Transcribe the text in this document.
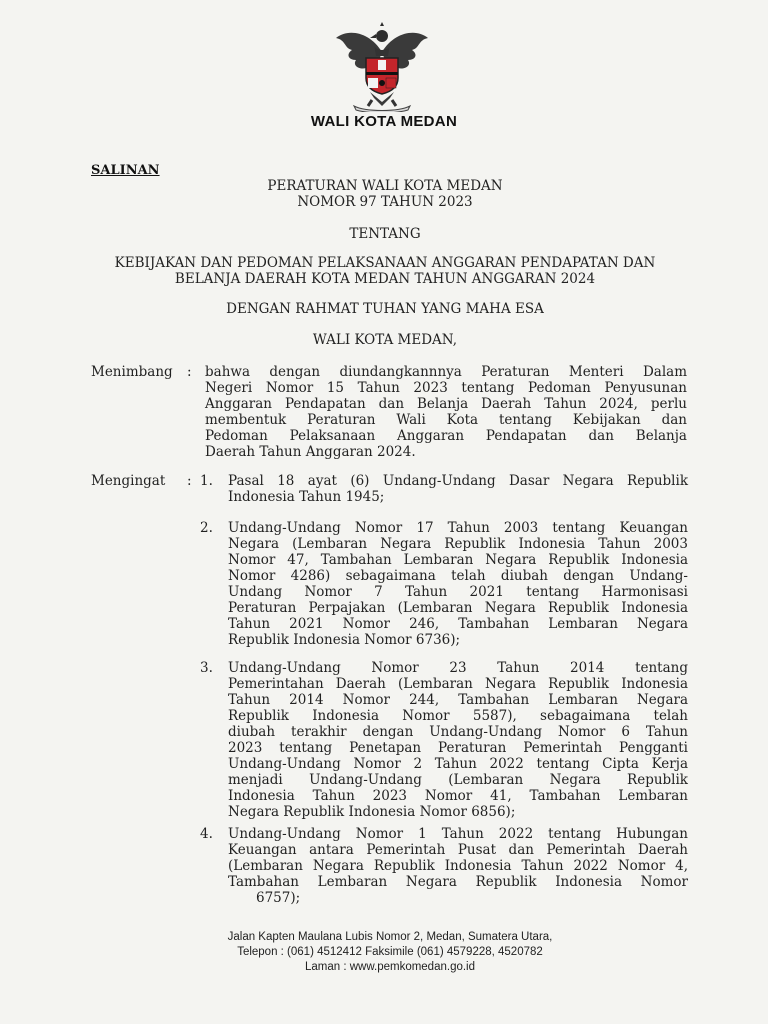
WALI KOTA MEDAN
SALINAN
PERATURAN WALI KOTA MEDAN
NOMOR 97 TAHUN 2023
TENTANG
KEBIJAKAN DAN PEDOMAN PELAKSANAAN ANGGARAN PENDAPATAN DAN
BELANJA DAERAH KOTA MEDAN TAHUN ANGGARAN 2024
DENGAN RAHMAT TUHAN YANG MAHA ESA
WALI KOTA MEDAN,
Menimbang : bahwa dengan diundangkannnya Peraturan Menteri Dalam
Negeri Nomor 15 Tahun 2023 tentang Pedoman Penyusunan
Anggaran Pendapatan dan Belanja Daerah Tahun 2024, perlu
membentuk Peraturan Wali Kota tentang Kebijakan dan
Pedoman Pelaksanaan Anggaran Pendapatan dan Belanja
Daerah Tahun Anggaran 2024.
Mengingat : 1. Pasal 18 ayat (6) Undang-Undang Dasar Negara Republik
Indonesia Tahun 1945;
2. Undang-Undang Nomor 17 Tahun 2003 tentang Keuangan
Negara (Lembaran Negara Republik Indonesia Tahun 2003
Nomor 47, Tambahan Lembaran Negara Republik Indonesia
Nomor 4286) sebagaimana telah diubah dengan Undang-
Undang Nomor 7 Tahun 2021 tentang Harmonisasi
Peraturan Perpajakan (Lembaran Negara Republik Indonesia
Tahun 2021 Nomor 246, Tambahan Lembaran Negara
Republik Indonesia Nomor 6736);
3. Undang-Undang Nomor 23 Tahun 2014 tentang
Pemerintahan Daerah (Lembaran Negara Republik Indonesia
Tahun 2014 Nomor 244, Tambahan Lembaran Negara
Republik Indonesia Nomor 5587), sebagaimana telah
diubah terakhir dengan Undang-Undang Nomor 6 Tahun
2023 tentang Penetapan Peraturan Pemerintah Pengganti
Undang-Undang Nomor 2 Tahun 2022 tentang Cipta Kerja
menjadi Undang-Undang (Lembaran Negara Republik
Indonesia Tahun 2023 Nomor 41, Tambahan Lembaran
Negara Republik Indonesia Nomor 6856);
4. Undang-Undang Nomor 1 Tahun 2022 tentang Hubungan
Keuangan antara Pemerintah Pusat dan Pemerintah Daerah
(Lembaran Negara Republik Indonesia Tahun 2022 Nomor 4,
Tambahan Lembaran Negara Republik Indonesia Nomor
6757);
Jalan Kapten Maulana Lubis Nomor 2, Medan, Sumatera Utara,
Telepon : (061) 4512412 Faksimile (061) 4579228, 4520782
Laman : www.pemkomedan.go.id
